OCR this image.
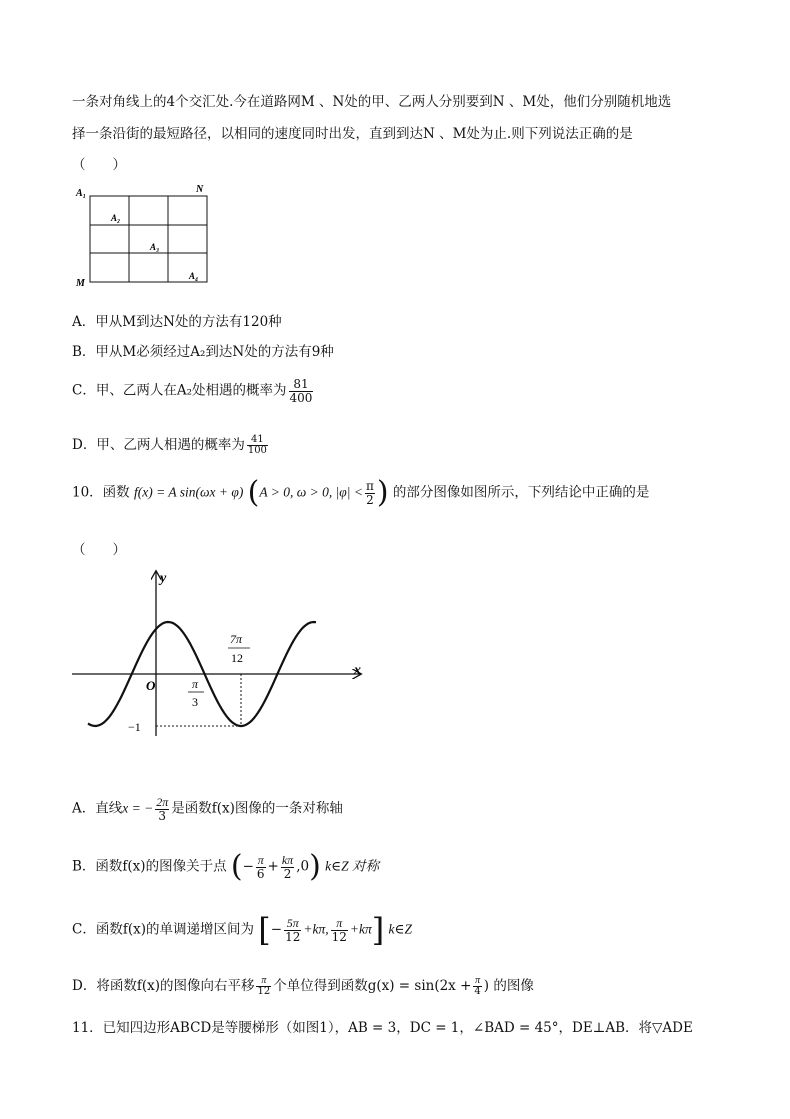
一条对角线上的4个交汇处.今在道路网M 、N处的甲、乙两人分别要到N 、M处，他们分别随机地选
择一条沿街的最短路径，以相同的速度同时出发，直到到达N 、M处为止.则下列说法正确的是
（　　）
A₁	N
A₂
A₃
A₄
M
A．甲从M到达N处的方法有120种
B．甲从M必须经过A₂到达N处的方法有9种
C．甲、乙两人在A₂处相遇的概率为 $\frac{81}{400}$
D．甲、乙两人相遇的概率为 $\frac{41}{100}$
10．函数 f(x) = A sin(ωx + φ) (A > 0, ω > 0, $|\varphi| < \frac{\pi}{2}$ ) 的部分图像如图所示，下列结论中正确的是
（　　）
y
x
O	π
3
7π
12
−1
A．直线x = − $\frac{2\pi}{3}$ 是函数f(x)图像的一条对称轴
B．函数f(x)的图像关于点 (− $\frac{\pi}{6} + \frac{k\pi}{2} ,0$) k∈Z 对称
C．函数f(x)的单调递增区间为 [− $\frac{5\pi}{12} +k\pi$, $\frac{\pi}{12} +k\pi$] k∈Z
D．将函数f(x)的图像向右平移 $\frac{\pi}{12}$ 个单位得到函数$g(x) = \sin(2x + \frac{\pi}{4}$ ) 的图像
11．已知四边形ABCD是等腰梯形（如图1），AB = 3，DC = 1，∠BAD = 45°，DE⊥AB．将▽ADE
